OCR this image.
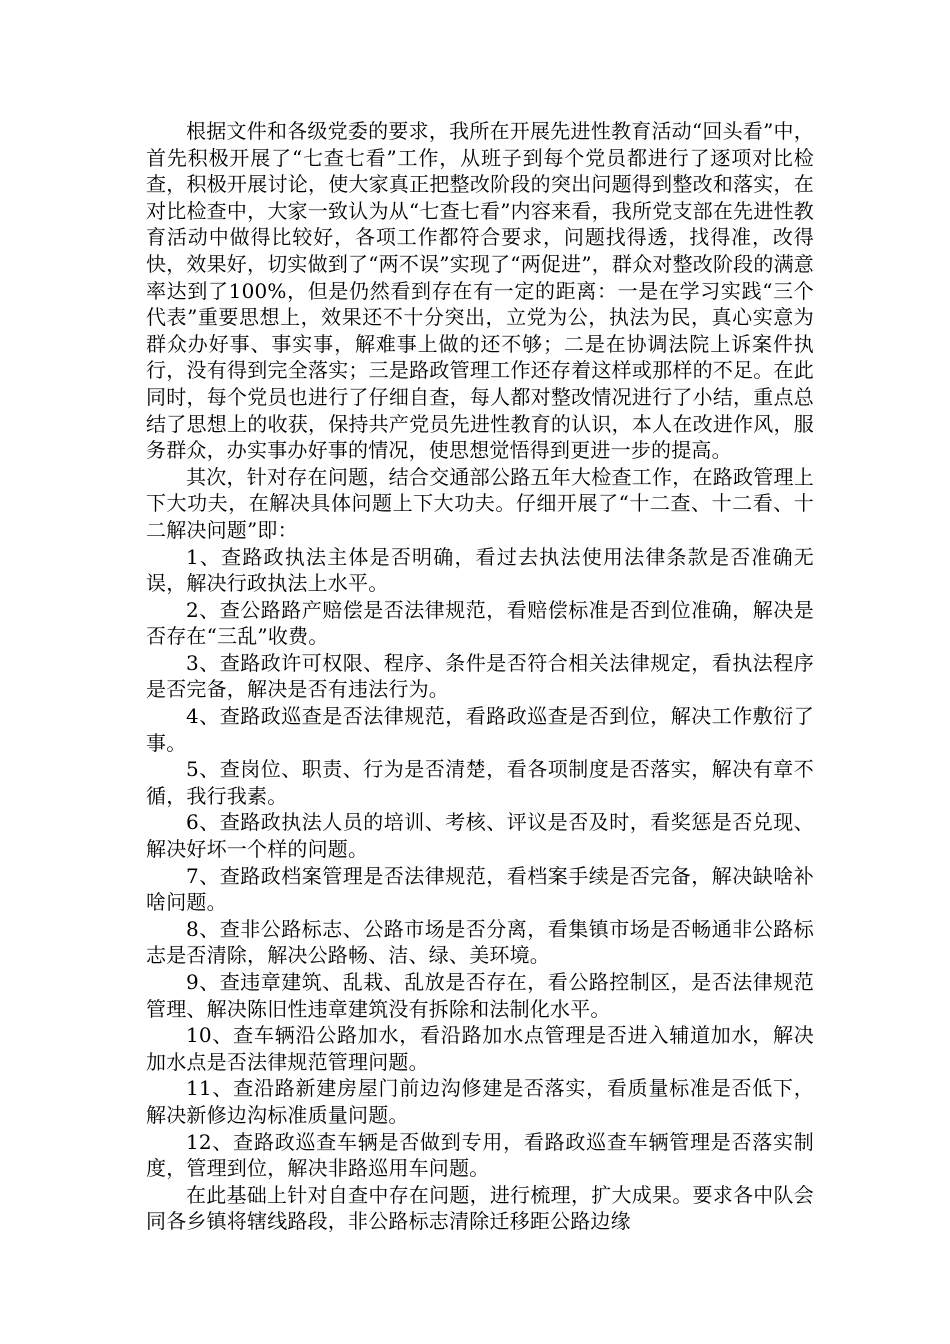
根据文件和各级党委的要求，我所在开展先进性教育活动“回头看”中，首先积极开展了“七查七看”工作，从班子到每个党员都进行了逐项对比检查，积极开展讨论，使大家真正把整改阶段的突出问题得到整改和落实，在对比检查中，大家一致认为从“七查七看”内容来看，我所党支部在先进性教育活动中做得比较好，各项工作都符合要求，问题找得透，找得准，改得快，效果好，切实做到了“两不误”实现了“两促进”，群众对整改阶段的满意率达到了100%，但是仍然看到存在有一定的距离：一是在学习实践“三个代表”重要思想上，效果还不十分突出，立党为公，执法为民，真心实意为群众办好事、事实事，解难事上做的还不够；二是在协调法院上诉案件执行，没有得到完全落实；三是路政管理工作还存着这样或那样的不足。在此同时，每个党员也进行了仔细自查，每人都对整改情况进行了小结，重点总结了思想上的收获，保持共产党员先进性教育的认识，本人在改进作风，服务群众，办实事办好事的情况，使思想觉悟得到更进一步的提高。

其次，针对存在问题，结合交通部公路五年大检查工作，在路政管理上下大功夫，在解决具体问题上下大功夫。仔细开展了“十二查、十二看、十二解决问题”即：

1、查路政执法主体是否明确，看过去执法使用法律条款是否准确无误，解决行政执法上水平。

2、查公路路产赔偿是否法律规范，看赔偿标准是否到位准确，解决是否存在“三乱”收费。

3、查路政许可权限、程序、条件是否符合相关法律规定，看执法程序是否完备，解决是否有违法行为。

4、查路政巡查是否法律规范，看路政巡查是否到位，解决工作敷衍了事。

5、查岗位、职责、行为是否清楚，看各项制度是否落实，解决有章不循，我行我素。

6、查路政执法人员的培训、考核、评议是否及时，看奖惩是否兑现、解决好坏一个样的问题。

7、查路政档案管理是否法律规范，看档案手续是否完备，解决缺啥补啥问题。

8、查非公路标志、公路市场是否分离，看集镇市场是否畅通非公路标志是否清除，解决公路畅、洁、绿、美环境。

9、查违章建筑、乱栽、乱放是否存在，看公路控制区，是否法律规范管理、解决陈旧性违章建筑没有拆除和法制化水平。

10、查车辆沿公路加水，看沿路加水点管理是否进入辅道加水，解决加水点是否法律规范管理问题。

11、查沿路新建房屋门前边沟修建是否落实，看质量标准是否低下，解决新修边沟标准质量问题。

12、查路政巡查车辆是否做到专用，看路政巡查车辆管理是否落实制度，管理到位，解决非路巡用车问题。

在此基础上针对自查中存在问题，进行梳理，扩大成果。要求各中队会同各乡镇将辖线路段，非公路标志清除迁移距公路边缘
